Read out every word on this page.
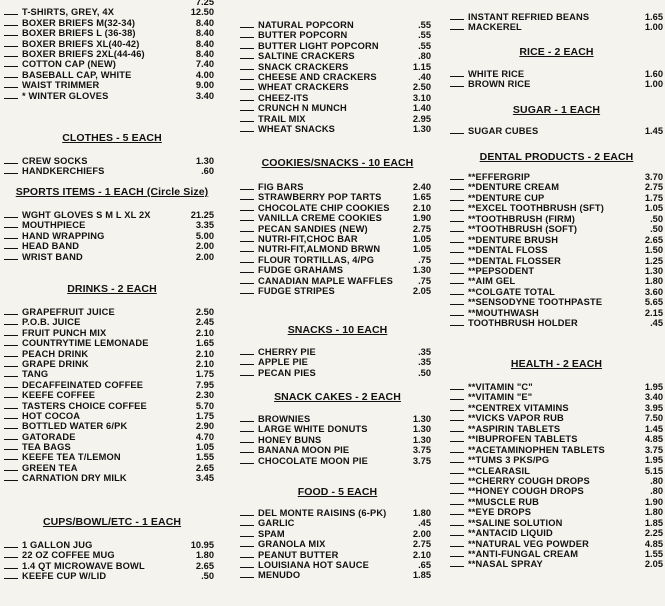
7.25
T-SHIRTS, GREY, 4X	12.50
BOXER BRIEFS M(32-34)	8.40
BOXER BRIEFS L (36-38)	8.40
BOXER BRIEFS XL(40-42)	8.40
BOXER BRIEFS 2XL(44-46)	8.40
COTTON CAP (NEW)	7.40
BASEBALL CAP, WHITE	4.00
WAIST TRIMMER	9.00
* WINTER GLOVES	3.40
CLOTHES - 5 EACH
CREW SOCKS	1.30
HANDKERCHIEFS	.60
SPORTS ITEMS - 1 EACH (Circle Size)
WGHT GLOVES S M L XL 2X	21.25
MOUTHPIECE	3.35
HAND WRAPPING	5.00
HEAD BAND	2.00
WRIST BAND	2.00
DRINKS - 2 EACH
GRAPEFRUIT JUICE	2.50
P.O.B. JUICE	2.45
FRUIT PUNCH MIX	2.10
COUNTRYTIME LEMONADE	1.65
PEACH DRINK	2.10
GRAPE DRINK	2.10
TANG	1.75
DECAFFEINATED COFFEE	7.95
KEEFE COFFEE	2.30
TASTERS CHOICE COFFEE	5.70
HOT COCOA	1.75
BOTTLED WATER 6/PK	2.90
GATORADE	4.70
TEA BAGS	1.05
KEEFE TEA T/LEMON	1.55
GREEN TEA	2.65
CARNATION DRY MILK	3.45
CUPS/BOWL/ETC - 1 EACH
1 GALLON JUG	10.95
22 OZ COFFEE MUG	1.80
1.4 QT MICROWAVE BOWL	2.65
KEEFE CUP W/LID	.50
NATURAL POPCORN	.55
BUTTER POPCORN	.55
BUTTER LIGHT POPCORN	.55
SALTINE CRACKERS	.80
SNACK CRACKERS	1.15
CHEESE AND CRACKERS	.40
WHEAT CRACKERS	2.50
CHEEZ-ITS	3.10
CRUNCH N MUNCH	1.40
TRAIL MIX	2.95
WHEAT SNACKS	1.30
COOKIES/SNACKS - 10 EACH
FIG BARS	2.40
STRAWBERRY POP TARTS	1.65
CHOCOLATE CHIP COOKIES	2.10
VANILLA CREME COOKIES	1.90
PECAN SANDIES (NEW)	2.75
NUTRI-FIT,CHOC BAR	1.05
NUTRI-FIT,ALMOND BRWN	1.05
FLOUR TORTILLAS, 4/PG	.75
FUDGE GRAHAMS	1.30
CANADIAN MAPLE WAFFLES	.75
FUDGE STRIPES	2.05
SNACKS - 10 EACH
CHERRY PIE	.35
APPLE PIE	.35
PECAN PIES	.50
SNACK CAKES - 2 EACH
BROWNIES	1.30
LARGE WHITE DONUTS	1.30
HONEY BUNS	1.30
BANANA MOON PIE	3.75
CHOCOLATE MOON PIE	3.75
FOOD - 5 EACH
DEL MONTE RAISINS (6-PK)	1.80
GARLIC	.45
SPAM	2.00
GRANOLA MIX	2.75
PEANUT BUTTER	2.10
LOUISIANA HOT SAUCE	.65
MENUDO	1.85
INSTANT REFRIED BEANS	1.65
MACKEREL	1.00
RICE - 2 EACH
WHITE RICE	1.60
BROWN RICE	1.00
SUGAR - 1 EACH
SUGAR CUBES	1.45
DENTAL PRODUCTS - 2 EACH
**EFFERGRIP	3.70
**DENTURE CREAM	2.75
**DENTURE CUP	1.75
**EXCEL TOOTHBRUSH (SFT)	1.05
**TOOTHBRUSH (FIRM)	.50
**TOOTHBRUSH (SOFT)	.50
**DENTURE BRUSH	2.65
**DENTAL FLOSS	1.50
**DENTAL FLOSSER	1.25
**PEPSODENT	1.30
**AIM GEL	1.80
**COLGATE TOTAL	3.60
**SENSODYNE TOOTHPASTE	5.65
**MOUTHWASH	2.15
TOOTHBRUSH HOLDER	.45
HEALTH - 2 EACH
**VITAMIN "C"	1.95
**VITAMIN "E"	3.40
**CENTREX VITAMINS	3.95
**VICKS VAPOR RUB	7.50
**ASPIRIN TABLETS	1.45
**IBUPROFEN TABLETS	4.85
**ACETAMINOPHEN TABLETS	3.75
**TUMS 3 PKS/PG	1.95
**CLEARASIL	5.15
**CHERRY COUGH DROPS	.80
**HONEY COUGH DROPS	.80
**MUSCLE RUB	1.90
**EYE DROPS	1.80
**SALINE SOLUTION	1.85
**ANTACID LIQUID	2.25
**NATURAL VEG POWDER	4.85
**ANTI-FUNGAL CREAM	1.55
**NASAL SPRAY	2.05
